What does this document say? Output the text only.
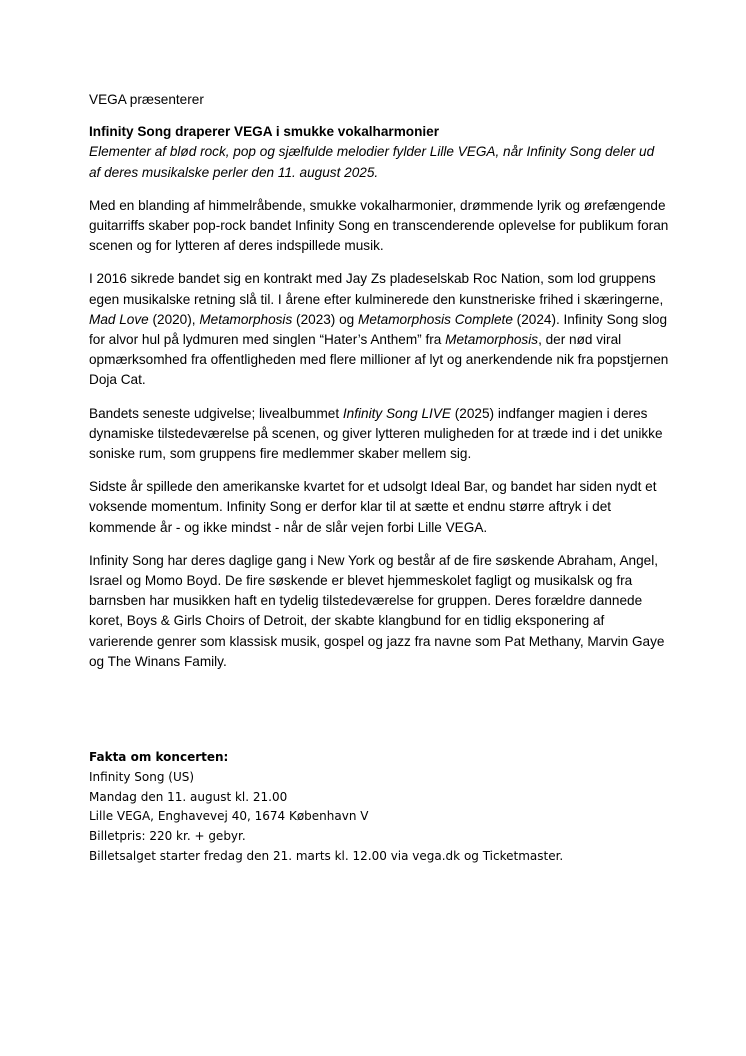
VEGA præsenterer

Infinity Song draperer VEGA i smukke vokalharmonier

Elementer af blød rock, pop og sjælfulde melodier fylder Lille VEGA, når Infinity Song deler ud af deres musikalske perler den 11. august 2025.

Med en blanding af himmelråbende, smukke vokalharmonier, drømmende lyrik og ørefængende guitarriffs skaber pop-rock bandet Infinity Song en transcenderende oplevelse for publikum foran scenen og for lytteren af deres indspillede musik.

I 2016 sikrede bandet sig en kontrakt med Jay Zs pladeselskab Roc Nation, som lod gruppens egen musikalske retning slå til. I årene efter kulminerede den kunstneriske frihed i skæringerne, Mad Love (2020), Metamorphosis (2023) og Metamorphosis Complete (2024). Infinity Song slog for alvor hul på lydmuren med singlen “Hater’s Anthem” fra Metamorphosis, der nød viral opmærksomhed fra offentligheden med flere millioner af lyt og anerkendende nik fra popstjernen Doja Cat.

Bandets seneste udgivelse; livealbummet Infinity Song LIVE (2025) indfanger magien i deres dynamiske tilstedeværelse på scenen, og giver lytteren muligheden for at træde ind i det unikke soniske rum, som gruppens fire medlemmer skaber mellem sig.

Sidste år spillede den amerikanske kvartet for et udsolgt Ideal Bar, og bandet har siden nydt et voksende momentum. Infinity Song er derfor klar til at sætte et endnu større aftryk i det kommende år - og ikke mindst - når de slår vejen forbi Lille VEGA.

Infinity Song har deres daglige gang i New York og består af de fire søskende Abraham, Angel, Israel og Momo Boyd. De fire søskende er blevet hjemmeskolet fagligt og musikalsk og fra barnsben har musikken haft en tydelig tilstedeværelse for gruppen. Deres forældre dannede koret, Boys & Girls Choirs of Detroit, der skabte klangbund for en tidlig eksponering af varierende genrer som klassisk musik, gospel og jazz fra navne som Pat Methany, Marvin Gaye og The Winans Family.

Fakta om koncerten:
Infinity Song (US)
Mandag den 11. august kl. 21.00
Lille VEGA, Enghavevej 40, 1674 København V
Billetpris: 220 kr. + gebyr.
Billetsalget starter fredag den 21. marts kl. 12.00 via vega.dk og Ticketmaster.
